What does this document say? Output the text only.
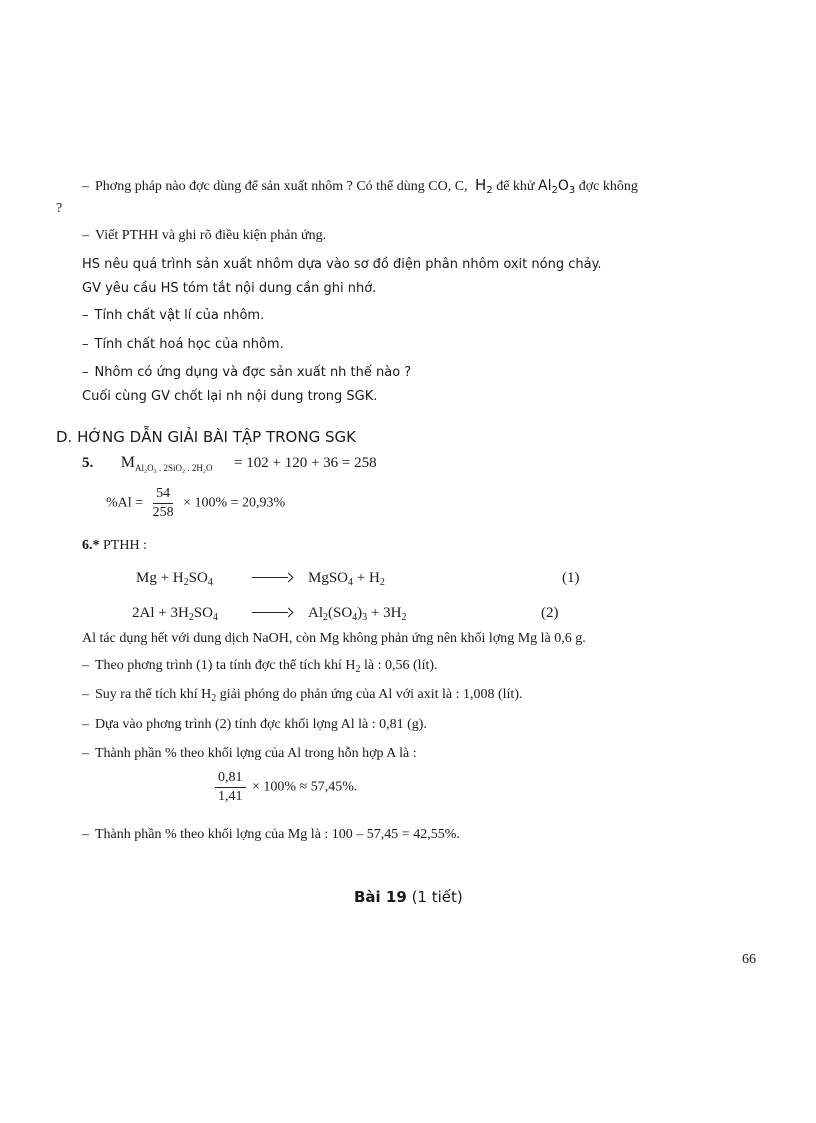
– Phơng pháp nào đợc dùng để sản xuất nhôm ? Có thể dùng CO, C, $H_2$ để khử $Al_2O_3$ đợc không
?
– Viết PTHH và ghi rõ điều kiện phản ứng.
HS nêu quá trình sản xuất nhôm dựa vào sơ đồ điện phân nhôm oxit nóng chảy.
GV yêu cầu HS tóm tắt nội dung cần ghi nhớ.
– Tính chất vật lí của nhôm.
– Tính chất hoá học của nhôm.
– Nhôm có ứng dụng và đợc sản xuất nh thế nào ?
Cuối cùng GV chốt lại nh nội dung trong SGK.
D. HỚNG DẪN GIẢI BÀI TẬP TRONG SGK
5. $M_{Al_2O_3 . 2SiO_2 . 2H_2O} = 102 + 120 + 36 = 258$
$\%Al = \frac{54}{258} \times 100\% = 20,93\%$
6.* PTHH :
$Mg + H_2SO_4$	MgSO$_4$ + $H_2$	(1)
$2Al + 3H_2SO_4$	$Al_2(SO_4)_3 + 3H_2$	(2)
Al tác dụng hết với dung dịch NaOH, còn Mg không phản ứng nên khối lợng Mg là 0,6 g.
– Theo phơng trình (1) ta tính đợc thể tích khí $H_2$ là : 0,56 (lít).
– Suy ra thể tích khí $H_2$ giải phóng do phản ứng của Al với axit là : 1,008 (lít).
– Dựa vào phơng trình (2) tính đợc khối lợng Al là : 0,81 (g).
– Thành phần % theo khối lợng của Al trong hỗn hợp A là :
$\frac{0,81}{1,41} \times 100\% \approx 57,45\%$.
– Thành phần % theo khối lợng của Mg là : 100 – 57,45 = 42,55%.
Bài 19 (1 tiết)
66
